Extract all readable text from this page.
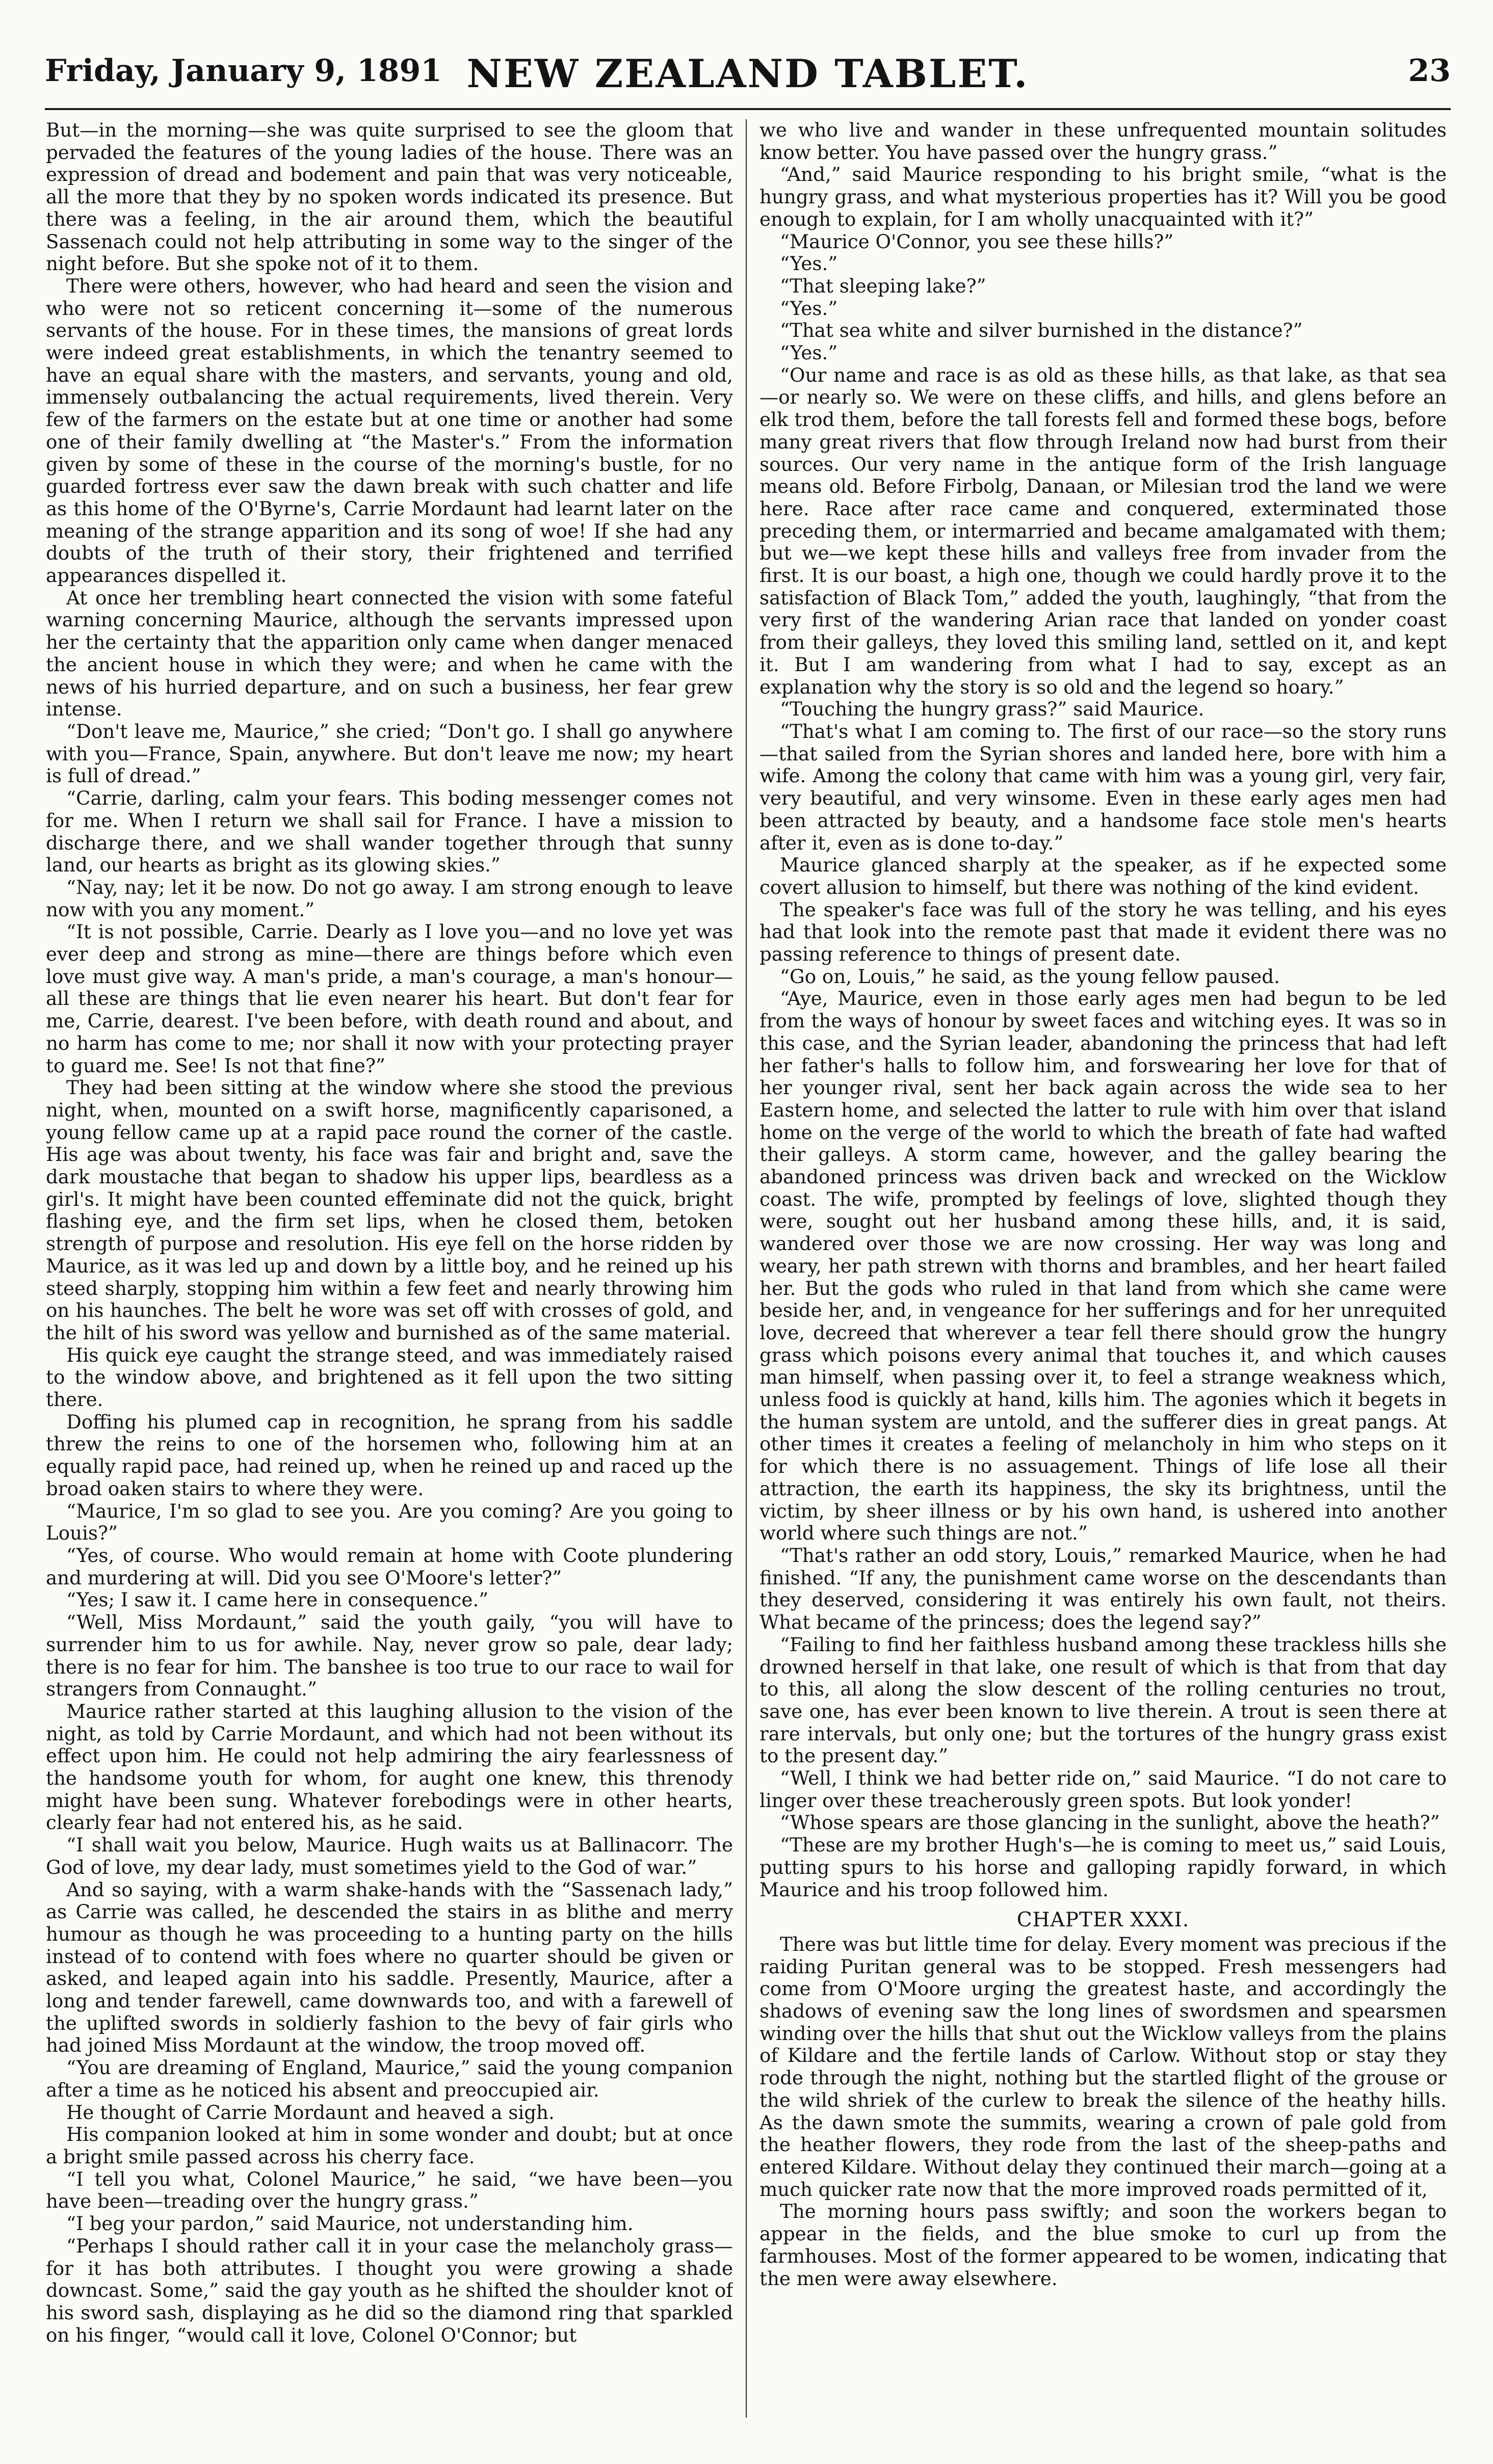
Friday, January 9, 1891 NEW ZEALAND TABLET.	23

But—in the morning—she was quite surprised to see the gloom that pervaded the features of the young ladies of the house. There was an expression of dread and bodement and pain that was very noticeable, all the more that they by no spoken words indicated its presence. But there was a feeling, in the air around them, which the beautiful Sassenach could not help attributing in some way to the singer of the night before. But she spoke not of it to them.

There were others, however, who had heard and seen the vision and who were not so reticent concerning it—some of the numerous servants of the house. For in these times, the mansions of great lords were indeed great establishments, in which the tenantry seemed to have an equal share with the masters, and servants, young and old, immensely outbalancing the actual requirements, lived therein. Very few of the farmers on the estate but at one time or another had some one of their family dwelling at “the Master's.” From the information given by some of these in the course of the morning's bustle, for no guarded fortress ever saw the dawn break with such chatter and life as this home of the O'Byrne's, Carrie Mordaunt had learnt later on the meaning of the strange apparition and its song of woe! If she had any doubts of the truth of their story, their frightened and terrified appearances dispelled it.

At once her trembling heart connected the vision with some fateful warning concerning Maurice, although the servants impressed upon her the certainty that the apparition only came when danger menaced the ancient house in which they were; and when he came with the news of his hurried departure, and on such a business, her fear grew intense.

“Don't leave me, Maurice,” she cried; “Don't go. I shall go anywhere with you—France, Spain, anywhere. But don't leave me now; my heart is full of dread.”

“Carrie, darling, calm your fears. This boding messenger comes not for me. When I return we shall sail for France. I have a mission to discharge there, and we shall wander together through that sunny land, our hearts as bright as its glowing skies.”

“Nay, nay; let it be now. Do not go away. I am strong enough to leave now with you any moment.”

“It is not possible, Carrie. Dearly as I love you—and no love yet was ever deep and strong as mine—there are things before which even love must give way. A man's pride, a man's courage, a man's honour—all these are things that lie even nearer his heart. But don't fear for me, Carrie, dearest. I've been before, with death round and about, and no harm has come to me; nor shall it now with your protecting prayer to guard me. See! Is not that fine?”

They had been sitting at the window where she stood the previous night, when, mounted on a swift horse, magnificently caparisoned, a young fellow came up at a rapid pace round the corner of the castle. His age was about twenty, his face was fair and bright and, save the dark moustache that began to shadow his upper lips, beardless as a girl's. It might have been counted effeminate did not the quick, bright flashing eye, and the firm set lips, when he closed them, betoken strength of purpose and resolution. His eye fell on the horse ridden by Maurice, as it was led up and down by a little boy, and he reined up his steed sharply, stopping him within a few feet and nearly throwing him on his haunches. The belt he wore was set off with crosses of gold, and the hilt of his sword was yellow and burnished as of the same material.

His quick eye caught the strange steed, and was immediately raised to the window above, and brightened as it fell upon the two sitting there.

Doffing his plumed cap in recognition, he sprang from his saddle threw the reins to one of the horsemen who, following him at an equally rapid pace, had reined up, when he reined up and raced up the broad oaken stairs to where they were.

“Maurice, I'm so glad to see you. Are you coming? Are you going to Louis?”

“Yes, of course. Who would remain at home with Coote plundering and murdering at will. Did you see O'Moore's letter?”

“Yes; I saw it. I came here in consequence.”

“Well, Miss Mordaunt,” said the youth gaily, “you will have to surrender him to us for awhile. Nay, never grow so pale, dear lady; there is no fear for him. The banshee is too true to our race to wail for strangers from Connaught.”

Maurice rather started at this laughing allusion to the vision of the night, as told by Carrie Mordaunt, and which had not been without its effect upon him. He could not help admiring the airy fearlessness of the handsome youth for whom, for aught one knew, this threnody might have been sung. Whatever forebodings were in other hearts, clearly fear had not entered his, as he said.

“I shall wait you below, Maurice. Hugh waits us at Ballinacorr. The God of love, my dear lady, must sometimes yield to the God of war.”

And so saying, with a warm shake-hands with the “Sassenach lady,” as Carrie was called, he descended the stairs in as blithe and merry humour as though he was proceeding to a hunting party on the hills instead of to contend with foes where no quarter should be given or asked, and leaped again into his saddle. Presently, Maurice, after a long and tender farewell, came downwards too, and with a farewell of the uplifted swords in soldierly fashion to the bevy of fair girls who had joined Miss Mordaunt at the window, the troop moved off.

“You are dreaming of England, Maurice,” said the young companion after a time as he noticed his absent and preoccupied air.

He thought of Carrie Mordaunt and heaved a sigh.

His companion looked at him in some wonder and doubt; but at once a bright smile passed across his cherry face.

“I tell you what, Colonel Maurice,” he said, “we have been—you have been—treading over the hungry grass.”

“I beg your pardon,” said Maurice, not understanding him.

“Perhaps I should rather call it in your case the melancholy grass—for it has both attributes. I thought you were growing a shade downcast. Some,” said the gay youth as he shifted the shoulder knot of his sword sash, displaying as he did so the diamond ring that sparkled on his finger, “would call it love, Colonel O'Connor; but

we who live and wander in these unfrequented mountain solitudes know better. You have passed over the hungry grass.”

“And,” said Maurice responding to his bright smile, “what is the hungry grass, and what mysterious properties has it? Will you be good enough to explain, for I am wholly unacquainted with it?”

“Maurice O'Connor, you see these hills?”

“Yes.”

“That sleeping lake?”

“Yes.”

“That sea white and silver burnished in the distance?”

“Yes.”

“Our name and race is as old as these hills, as that lake, as that sea—or nearly so. We were on these cliffs, and hills, and glens before an elk trod them, before the tall forests fell and formed these bogs, before many great rivers that flow through Ireland now had burst from their sources. Our very name in the antique form of the Irish language means old. Before Firbolg, Danaan, or Milesian trod the land we were here. Race after race came and conquered, exterminated those preceding them, or intermarried and became amalgamated with them; but we—we kept these hills and valleys free from invader from the first. It is our boast, a high one, though we could hardly prove it to the satisfaction of Black Tom,” added the youth, laughingly, “that from the very first of the wandering Arian race that landed on yonder coast from their galleys, they loved this smiling land, settled on it, and kept it. But I am wandering from what I had to say, except as an explanation why the story is so old and the legend so hoary.”

“Touching the hungry grass?” said Maurice.

“That's what I am coming to. The first of our race—so the story runs—that sailed from the Syrian shores and landed here, bore with him a wife. Among the colony that came with him was a young girl, very fair, very beautiful, and very winsome. Even in these early ages men had been attracted by beauty, and a handsome face stole men's hearts after it, even as is done to-day.”

Maurice glanced sharply at the speaker, as if he expected some covert allusion to himself, but there was nothing of the kind evident.

The speaker's face was full of the story he was telling, and his eyes had that look into the remote past that made it evident there was no passing reference to things of present date.

“Go on, Louis,” he said, as the young fellow paused.

“Aye, Maurice, even in those early ages men had begun to be led from the ways of honour by sweet faces and witching eyes. It was so in this case, and the Syrian leader, abandoning the princess that had left her father's halls to follow him, and forswearing her love for that of her younger rival, sent her back again across the wide sea to her Eastern home, and selected the latter to rule with him over that island home on the verge of the world to which the breath of fate had wafted their galleys. A storm came, however, and the galley bearing the abandoned princess was driven back and wrecked on the Wicklow coast. The wife, prompted by feelings of love, slighted though they were, sought out her husband among these hills, and, it is said, wandered over those we are now crossing. Her way was long and weary, her path strewn with thorns and brambles, and her heart failed her. But the gods who ruled in that land from which she came were beside her, and, in vengeance for her sufferings and for her unrequited love, decreed that wherever a tear fell there should grow the hungry grass which poisons every animal that touches it, and which causes man himself, when passing over it, to feel a strange weakness which, unless food is quickly at hand, kills him. The agonies which it begets in the human system are untold, and the sufferer dies in great pangs. At other times it creates a feeling of melancholy in him who steps on it for which there is no assuagement. Things of life lose all their attraction, the earth its happiness, the sky its brightness, until the victim, by sheer illness or by his own hand, is ushered into another world where such things are not.”

“That's rather an odd story, Louis,” remarked Maurice, when he had finished. “If any, the punishment came worse on the descendants than they deserved, considering it was entirely his own fault, not theirs. What became of the princess; does the legend say?”

“Failing to find her faithless husband among these trackless hills she drowned herself in that lake, one result of which is that from that day to this, all along the slow descent of the rolling centuries no trout, save one, has ever been known to live therein. A trout is seen there at rare intervals, but only one; but the tortures of the hungry grass exist to the present day.”

“Well, I think we had better ride on,” said Maurice. “I do not care to linger over these treacherously green spots. But look yonder!

“Whose spears are those glancing in the sunlight, above the heath?”

“These are my brother Hugh's—he is coming to meet us,” said Louis, putting spurs to his horse and galloping rapidly forward, in which Maurice and his troop followed him.

CHAPTER XXXI.

There was but little time for delay. Every moment was precious if the raiding Puritan general was to be stopped. Fresh messengers had come from O'Moore urging the greatest haste, and accordingly the shadows of evening saw the long lines of swordsmen and spearsmen winding over the hills that shut out the Wicklow valleys from the plains of Kildare and the fertile lands of Carlow. Without stop or stay they rode through the night, nothing but the startled flight of the grouse or the wild shriek of the curlew to break the silence of the heathy hills. As the dawn smote the summits, wearing a crown of pale gold from the heather flowers, they rode from the last of the sheep-paths and entered Kildare. Without delay they continued their march—going at a much quicker rate now that the more improved roads permitted of it,

The morning hours pass swiftly; and soon the workers began to appear in the fields, and the blue smoke to curl up from the farmhouses. Most of the former appeared to be women, indicating that the men were away elsewhere.
